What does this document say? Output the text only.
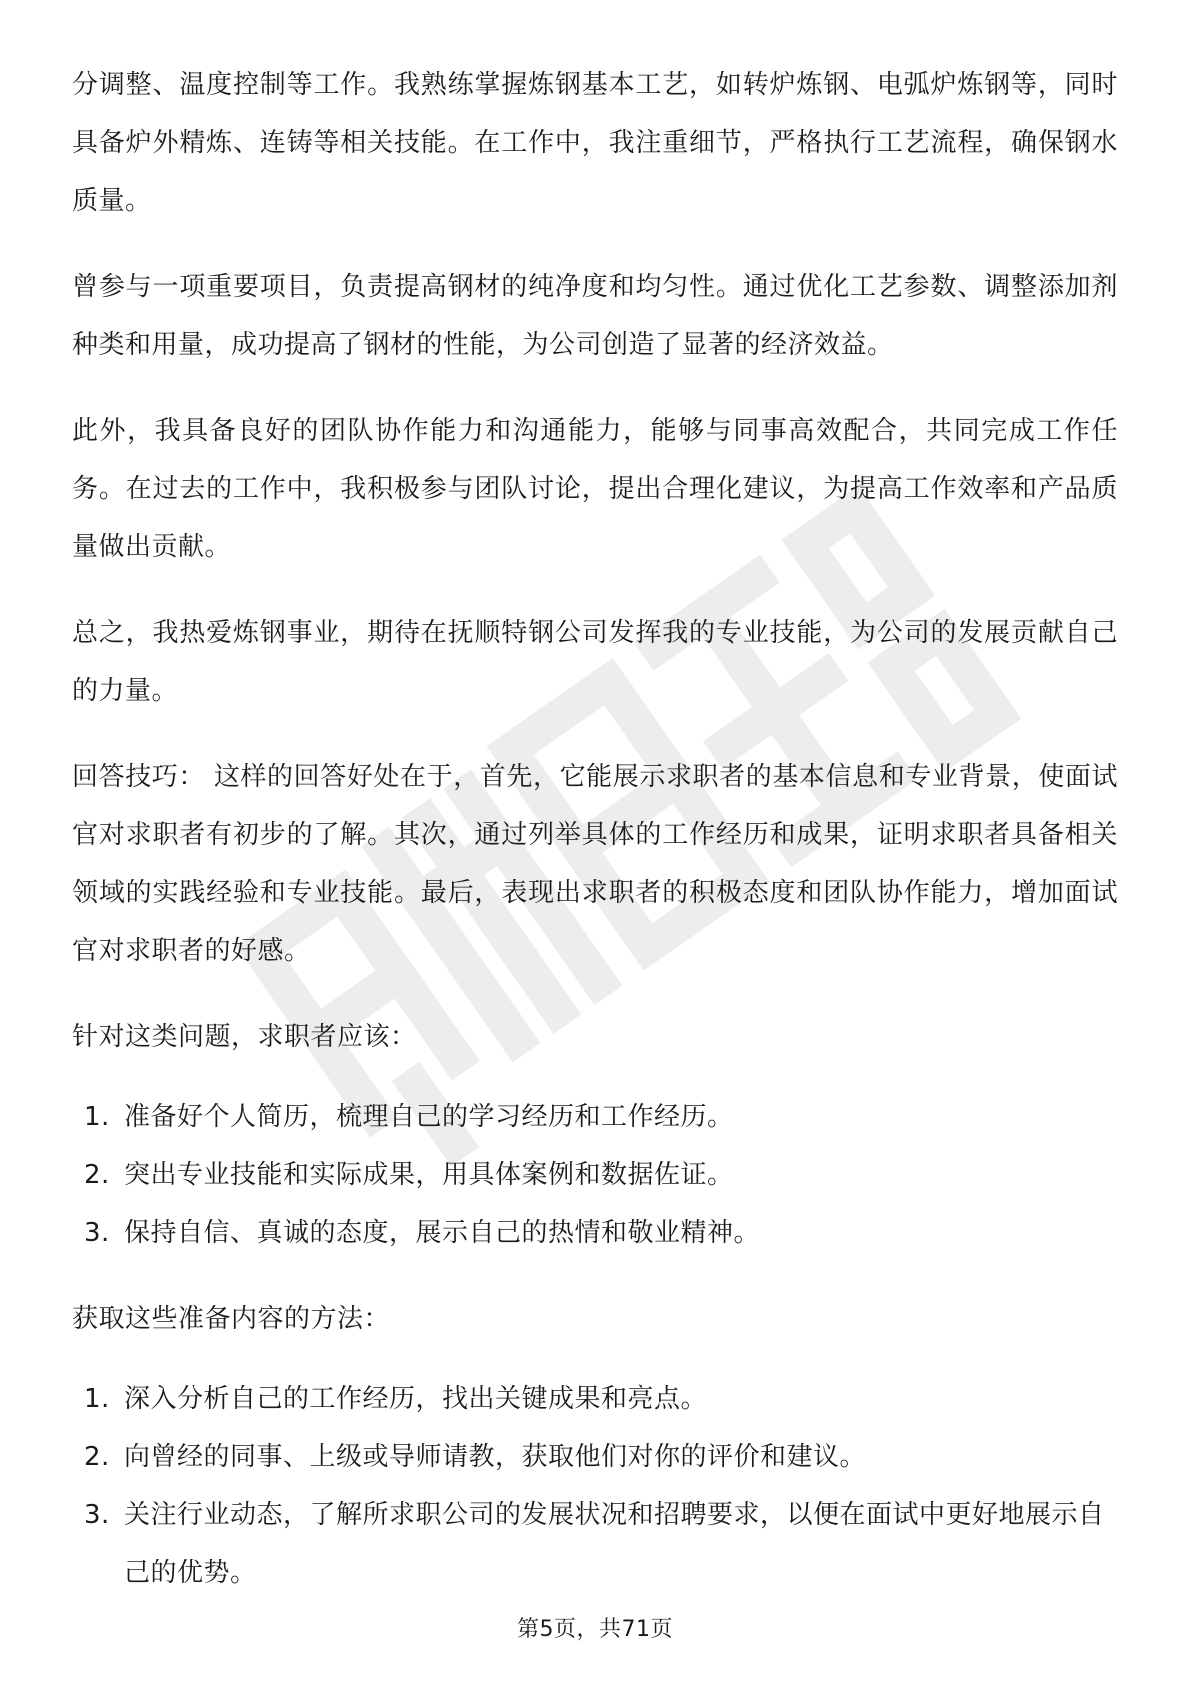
分调整、温度控制等工作。我熟练掌握炼钢基本工艺，如转炉炼钢、电弧炉炼钢等，同时具备炉外精炼、连铸等相关技能。在工作中，我注重细节，严格执行工艺流程，确保钢水质量。

曾参与一项重要项目，负责提高钢材的纯净度和均匀性。通过优化工艺参数、调整添加剂种类和用量，成功提高了钢材的性能，为公司创造了显著的经济效益。

此外，我具备良好的团队协作能力和沟通能力，能够与同事高效配合，共同完成工作任务。在过去的工作中，我积极参与团队讨论，提出合理化建议，为提高工作效率和产品质量做出贡献。

总之，我热爱炼钢事业，期待在抚顺特钢公司发挥我的专业技能，为公司的发展贡献自己的力量。

回答技巧： 这样的回答好处在于，首先，它能展示求职者的基本信息和专业背景，使面试官对求职者有初步的了解。其次，通过列举具体的工作经历和成果，证明求职者具备相关领域的实践经验和专业技能。最后，表现出求职者的积极态度和团队协作能力，增加面试官对求职者的好感。

针对这类问题，求职者应该：

1. 准备好个人简历，梳理自己的学习经历和工作经历。
2. 突出专业技能和实际成果，用具体案例和数据佐证。
3. 保持自信、真诚的态度，展示自己的热情和敬业精神。

获取这些准备内容的方法：

1. 深入分析自己的工作经历，找出关键成果和亮点。
2. 向曾经的同事、上级或导师请教，获取他们对你的评价和建议。
3. 关注行业动态，了解所求职公司的发展状况和招聘要求，以便在面试中更好地展示自己的优势。
第5页，共71页
